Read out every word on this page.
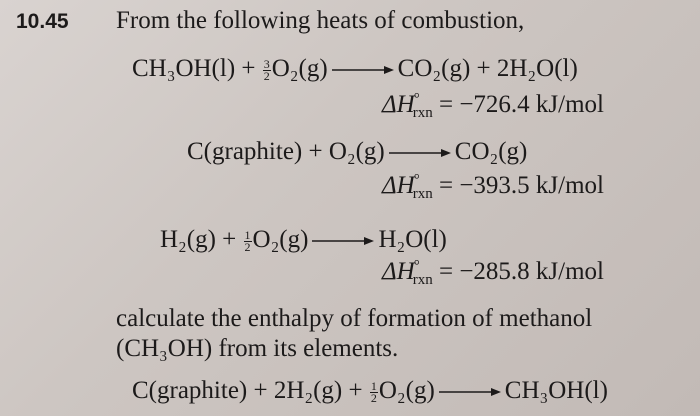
10.45 From the following heats of combustion,
$CH_3OH(l) + \frac{3}{2} O_2(g) \to CO_2(g) + 2H_2O(l)$
$\Delta H^\circ_{rxn} = -726.4$ kJ/mol
C(graphite) + O₂(g) → CO₂(g)
$\Delta H^\circ_{rxn} = -393.5$ kJ/mol
$H_2(g) + \frac{1}{2} O_2(g) \to H_2O(l)$
$\Delta H^\circ_{rxn} = -285.8$ kJ/mol
calculate the enthalpy of formation of methanol
(CH₃OH) from its elements.
C(graphite) + $2H_2(g) + \frac{1}{2} O_2(g) \to CH_3OH(l)$
